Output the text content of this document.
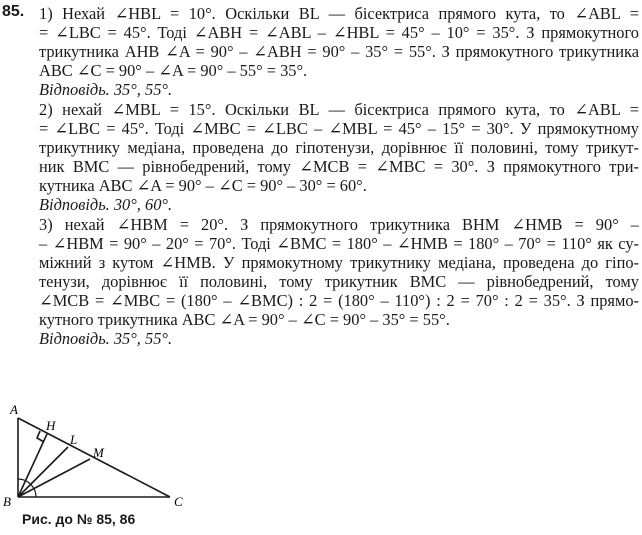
85. 1) Нехай ∠HBL = 10°. Оскільки BL — бісектриса прямого кута, то ∠ABL =
= ∠LBC = 45°. Тоді ∠ABH = ∠ABL – ∠HBL = 45° – 10° = 35°. З прямокутного
трикутника AHB ∠A = 90° – ∠ABH = 90° – 35° = 55°. З прямокутного трикутника
ABC ∠C = 90° – ∠A = 90° – 55° = 35°.
Відповідь. 35°, 55°.
2) нехай ∠MBL = 15°. Оскільки BL — бісектриса прямого кута, то ∠ABL =
= ∠LBC = 45°. Тоді ∠MBC = ∠LBC – ∠MBL = 45° – 15° = 30°. У прямокутному
трикутнику медіана, проведена до гіпотенузи, дорівнює її половині, тому трикут-
ник BMC — рівнобедрений, тому ∠MCB = ∠MBC = 30°. З прямокутного три-
кутника ABC ∠A = 90° – ∠C = 90° – 30° = 60°.
Відповідь. 30°, 60°.
3) нехай ∠HBM = 20°. З прямокутного трикутника BHM ∠HMB = 90° –
– ∠HBM = 90° – 20° = 70°. Тоді ∠BMC = 180° – ∠HMB = 180° – 70° = 110° як су-
міжний з кутом ∠HMB. У прямокутному трикутнику медіана, проведена до гіпо-
тенузи, дорівнює її половині, тому трикутник BMC — рівнобедрений, тому
∠MCB = ∠MBC = (180° – ∠BMC) : 2 = (180° – 110°) : 2 = 70° : 2 = 35°. З прямо-
кутного трикутника ABC ∠A = 90° – ∠C = 90° – 35° = 55°.
Відповідь. 35°, 55°.
A
H
L
M
B	C
Рис. до № 85, 86
